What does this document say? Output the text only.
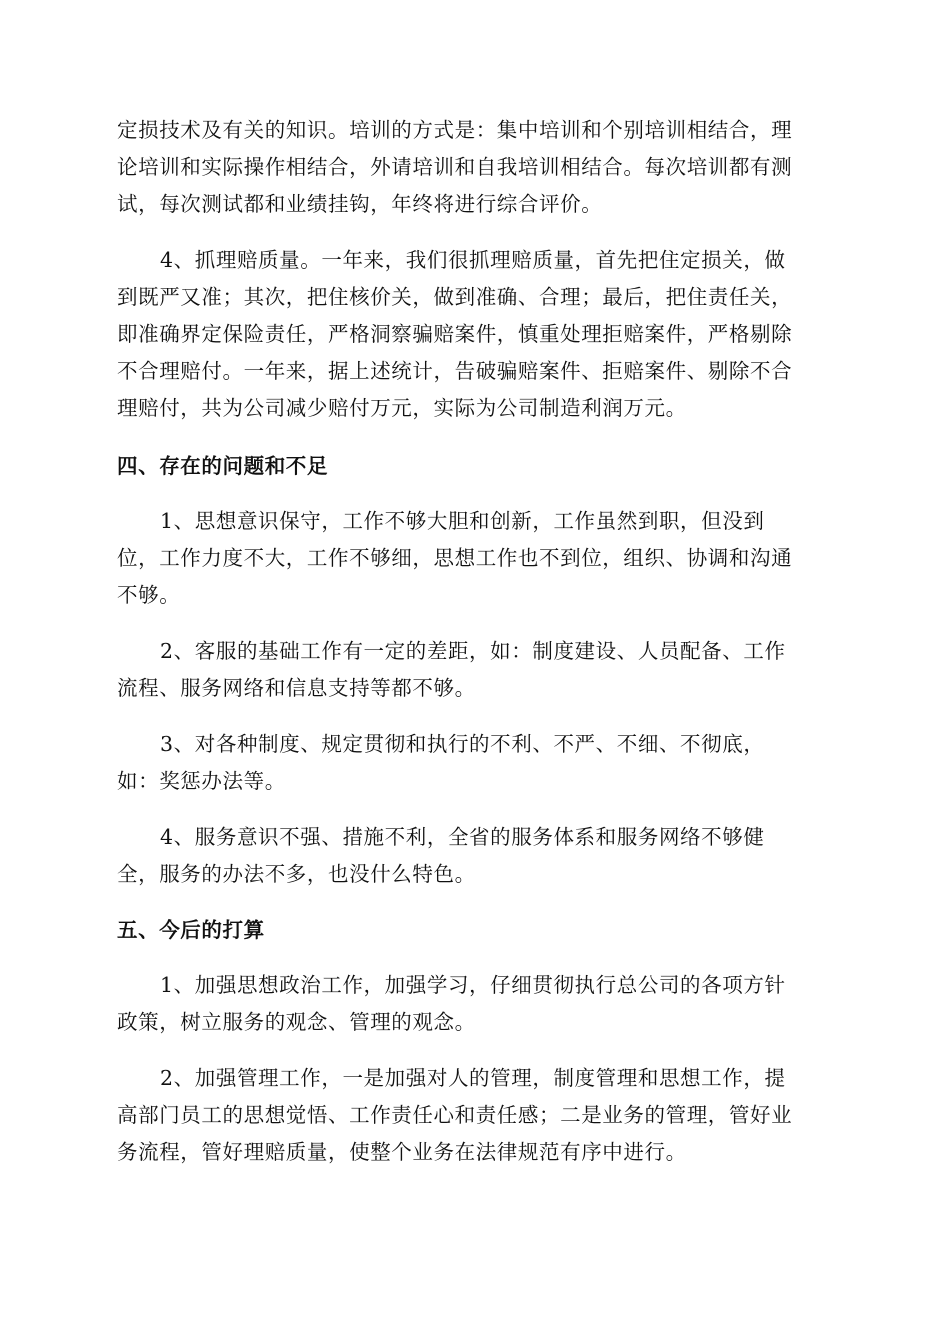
定损技术及有关的知识。培训的方式是：集中培训和个别培训相结合，理
论培训和实际操作相结合，外请培训和自我培训相结合。每次培训都有测
试，每次测试都和业绩挂钩，年终将进行综合评价。
4、抓理赔质量。一年来，我们很抓理赔质量，首先把住定损关，做
到既严又准；其次，把住核价关，做到准确、合理；最后，把住责任关，
即准确界定保险责任，严格洞察骗赔案件，慎重处理拒赔案件，严格剔除
不合理赔付。一年来，据上述统计，告破骗赔案件、拒赔案件、剔除不合
理赔付，共为公司减少赔付万元，实际为公司制造利润万元。
四、存在的问题和不足
1、思想意识保守，工作不够大胆和创新，工作虽然到职，但没到
位，工作力度不大，工作不够细，思想工作也不到位，组织、协调和沟通
不够。
2、客服的基础工作有一定的差距，如：制度建设、人员配备、工作
流程、服务网络和信息支持等都不够。
3、对各种制度、规定贯彻和执行的不利、不严、不细、不彻底，
如：奖惩办法等。
4、服务意识不强、措施不利，全省的服务体系和服务网络不够健
全，服务的办法不多，也没什么特色。
五、今后的打算
1、加强思想政治工作，加强学习，仔细贯彻执行总公司的各项方针
政策，树立服务的观念、管理的观念。
2、加强管理工作，一是加强对人的管理，制度管理和思想工作，提
高部门员工的思想觉悟、工作责任心和责任感；二是业务的管理，管好业
务流程，管好理赔质量，使整个业务在法律规范有序中进行。
